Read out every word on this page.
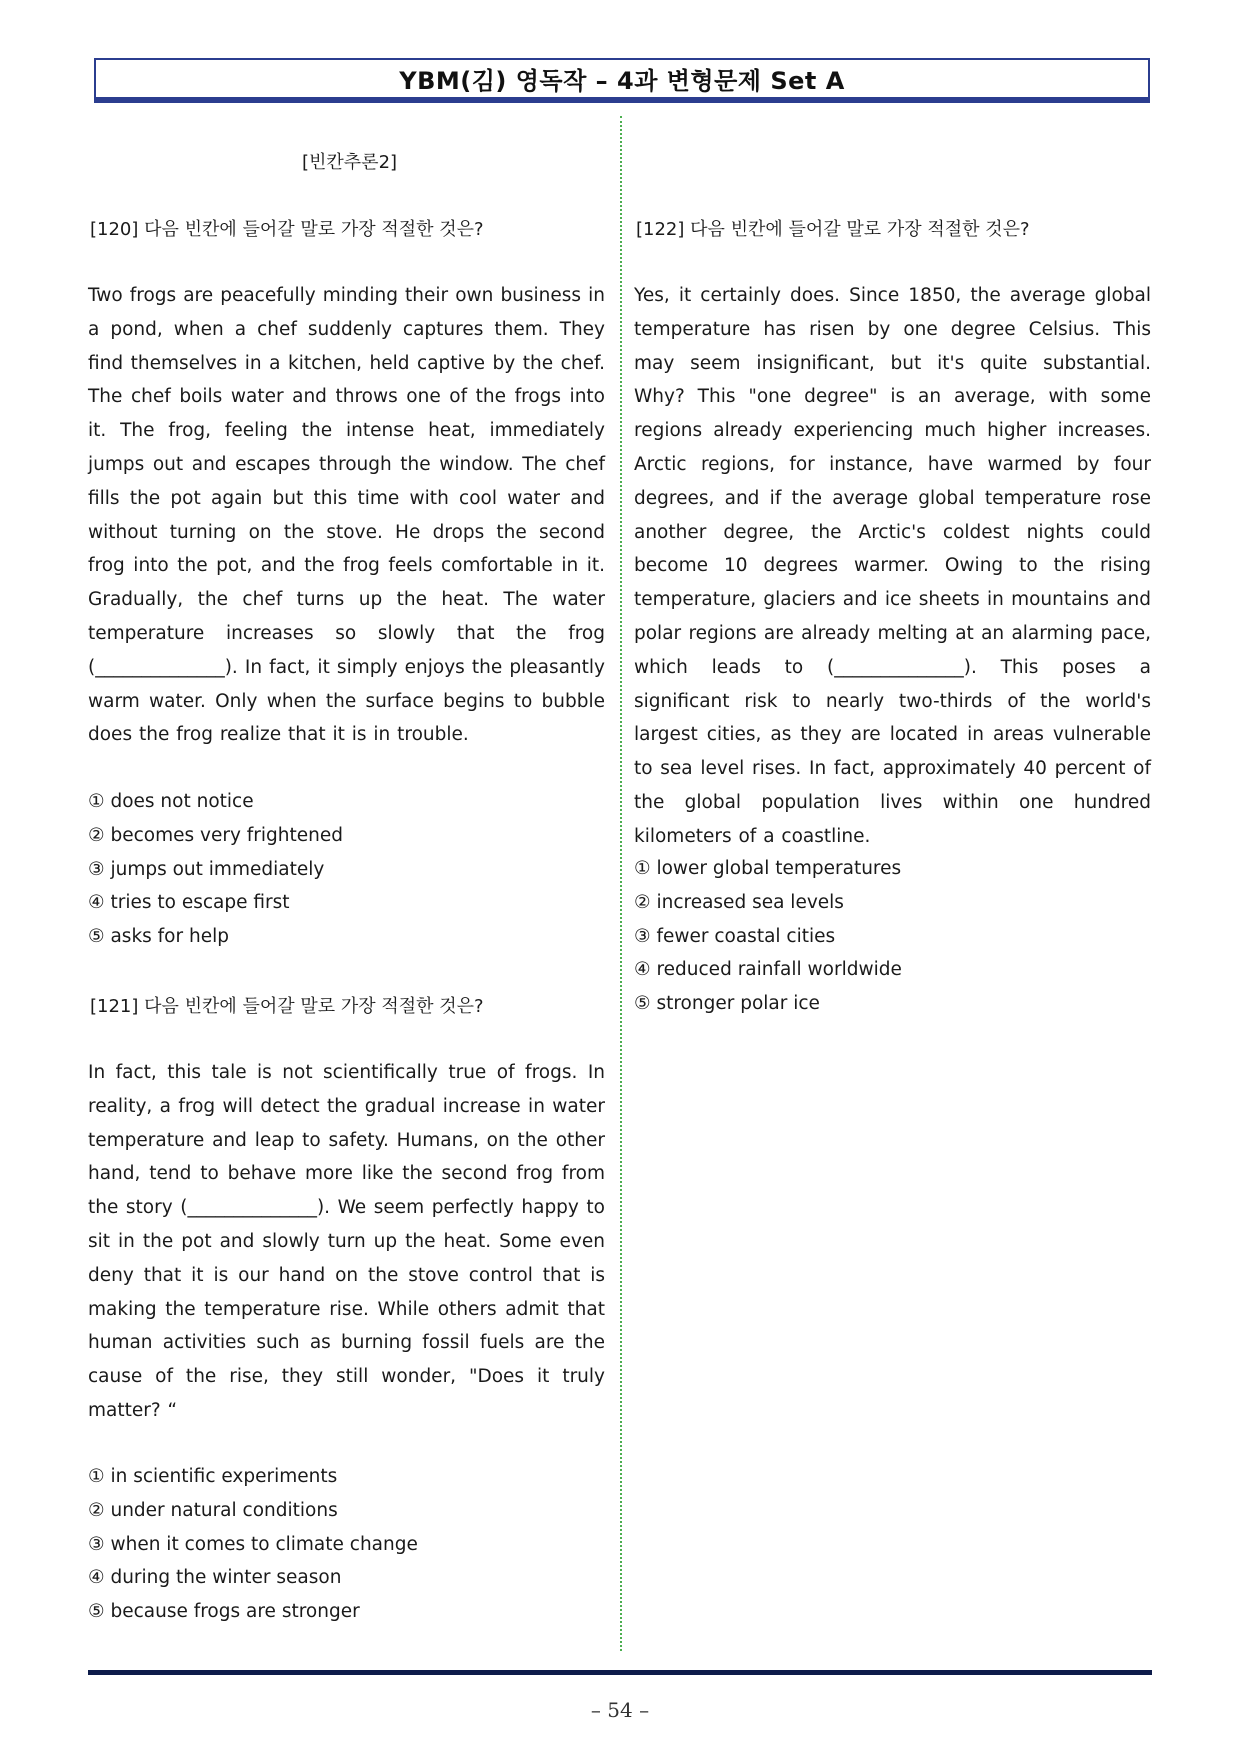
YBM(김) 영독작 – 4과 변형문제 Set A
[빈칸추론2]
[120] 다음 빈칸에 들어갈 말로 가장 적절한 것은?
Two frogs are peacefully minding their own business in a pond, when a chef suddenly captures them. They find themselves in a kitchen, held captive by the chef. The chef boils water and throws one of the frogs into it. The frog, feeling the intense heat, immediately jumps out and escapes through the window. The chef fills the pot again but this time with cool water and without turning on the stove. He drops the second frog into the pot, and the frog feels comfortable in it. Gradually, the chef turns up the heat. The water temperature increases so slowly that the frog (______________). In fact, it simply enjoys the pleasantly warm water. Only when the surface begins to bubble does the frog realize that it is in trouble.
① does not notice
② becomes very frightened
③ jumps out immediately
④ tries to escape first
⑤ asks for help
[121] 다음 빈칸에 들어갈 말로 가장 적절한 것은?
In fact, this tale is not scientifically true of frogs. In reality, a frog will detect the gradual increase in water temperature and leap to safety. Humans, on the other hand, tend to behave more like the second frog from the story (______________). We seem perfectly happy to sit in the pot and slowly turn up the heat. Some even deny that it is our hand on the stove control that is making the temperature rise. While others admit that human activities such as burning fossil fuels are the cause of the rise, they still wonder, "Does it truly matter? “
① in scientific experiments
② under natural conditions
③ when it comes to climate change
④ during the winter season
⑤ because frogs are stronger
[122] 다음 빈칸에 들어갈 말로 가장 적절한 것은?
Yes, it certainly does. Since 1850, the average global temperature has risen by one degree Celsius. This may seem insignificant, but it's quite substantial. Why? This "one degree" is an average, with some regions already experiencing much higher increases. Arctic regions, for instance, have warmed by four degrees, and if the average global temperature rose another degree, the Arctic's coldest nights could become 10 degrees warmer. Owing to the rising temperature, glaciers and ice sheets in mountains and polar regions are already melting at an alarming pace, which leads to (______________). This poses a significant risk to nearly two-thirds of the world's largest cities, as they are located in areas vulnerable to sea level rises. In fact, approximately 40 percent of the global population lives within one hundred kilometers of a coastline.
① lower global temperatures
② increased sea levels
③ fewer coastal cities
④ reduced rainfall worldwide
⑤ stronger polar ice
– 54 –
